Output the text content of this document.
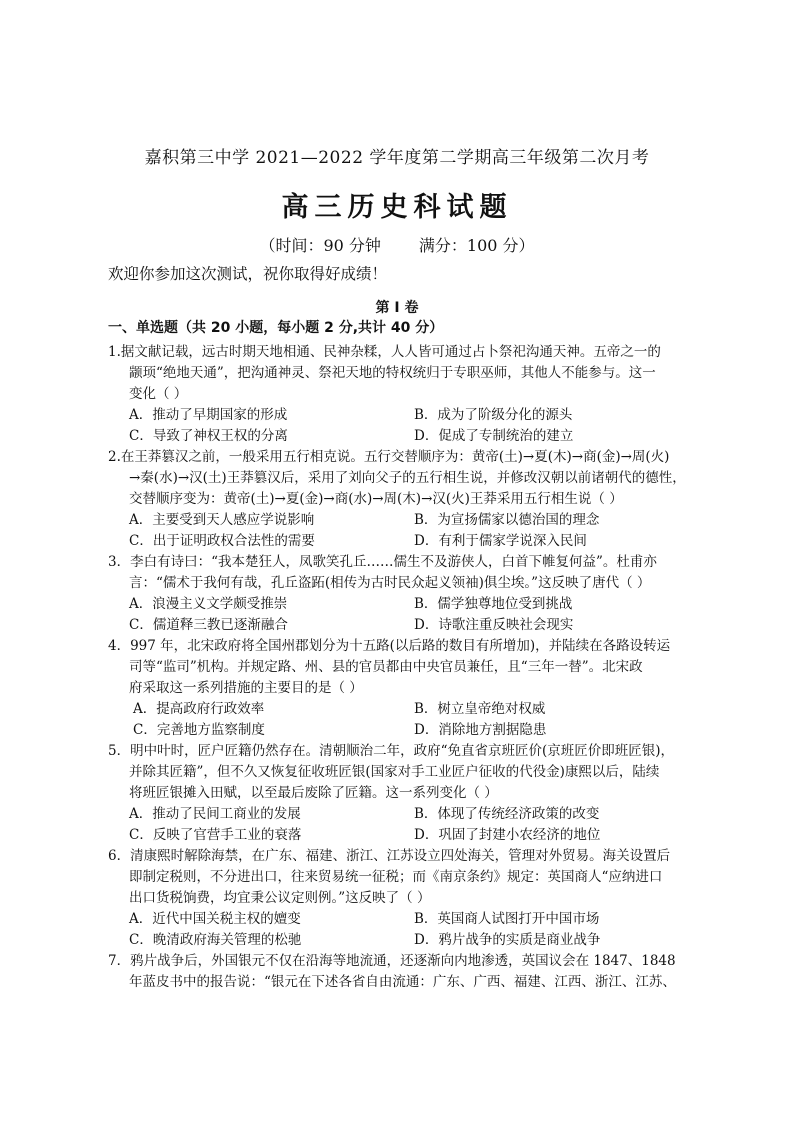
嘉积第三中学 2021—2022 学年度第二学期高三年级第二次月考
高三历史科试题
（时间：90 分钟 满分：100 分）
欢迎你参加这次测试，祝你取得好成绩！
第 I 卷
一、单选题（共 20 小题，每小题 2 分,共计 40 分）
1.据文献记载，远古时期天地相通、民神杂糅，人人皆可通过占卜祭祀沟通天神。五帝之一的
颛顼“绝地天通”，把沟通神灵、祭祀天地的特权统归于专职巫师，其他人不能参与。这一
变化（ ）
A．推动了早期国家的形成	B．成为了阶级分化的源头
C．导致了神权王权的分离	D．促成了专制统治的建立
2.在王莽篡汉之前，一般采用五行相克说。五行交替顺序为：黄帝(土)→夏(木)→商(金)→周(火)
→秦(水)→汉(土)王莽篡汉后，采用了刘向父子的五行相生说，并修改汉朝以前诸朝代的德性，
交替顺序变为：黄帝(土)→夏(金)→商(水)→周(木)→汉(火)王莽采用五行相生说（ ）
A．主要受到天人感应学说影响	B．为宣扬儒家以德治国的理念
C．出于证明政权合法性的需要	D．有利于儒家学说深入民间
3．李白有诗曰：“我本楚狂人，凤歌笑孔丘……儒生不及游侠人，白首下帷复何益”。杜甫亦
言：“儒术于我何有哉，孔丘盗跖(相传为古时民众起义领袖)俱尘埃。”这反映了唐代（ ）
A．浪漫主义文学颇受推崇	B．儒学独尊地位受到挑战
C．儒道释三教已逐渐融合	D．诗歌注重反映社会现实
4．997 年，北宋政府将全国州郡划分为十五路(以后路的数目有所增加)，并陆续在各路设转运
司等“监司”机构。并规定路、州、县的官员都由中央官员兼任，且“三年一替”。北宋政
府采取这一系列措施的主要目的是（ ）
A．提高政府行政效率	B．树立皇帝绝对权威
C．完善地方监察制度	D．消除地方割据隐患
5．明中叶时，匠户匠籍仍然存在。清朝顺治二年，政府“免直省京班匠价(京班匠价即班匠银)，
并除其匠籍”，但不久又恢复征收班匠银(国家对手工业匠户征收的代役金)康熙以后，陆续
将班匠银摊入田赋，以至最后废除了匠籍。这一系列变化（ ）
A．推动了民间工商业的发展	B．体现了传统经济政策的改变
C．反映了官营手工业的衰落	D．巩固了封建小农经济的地位
6．清康熙时解除海禁，在广东、福建、浙江、江苏设立四处海关，管理对外贸易。海关设置后
即制定税则，不分进出口，往来贸易统一征税；而《南京条约》规定：英国商人“应纳进口
出口货税饷费，均宜秉公议定则例。”这反映了（ ）
A．近代中国关税主权的嬗变	B．英国商人试图打开中国市场
C．晚清政府海关管理的松驰	D．鸦片战争的实质是商业战争
7．鸦片战争后，外国银元不仅在沿海等地流通，还逐渐向内地渗透，英国议会在 1847、1848
年蓝皮书中的报告说：“银元在下述各省自由流通：广东、广西、福建、江西、浙江、江苏、
